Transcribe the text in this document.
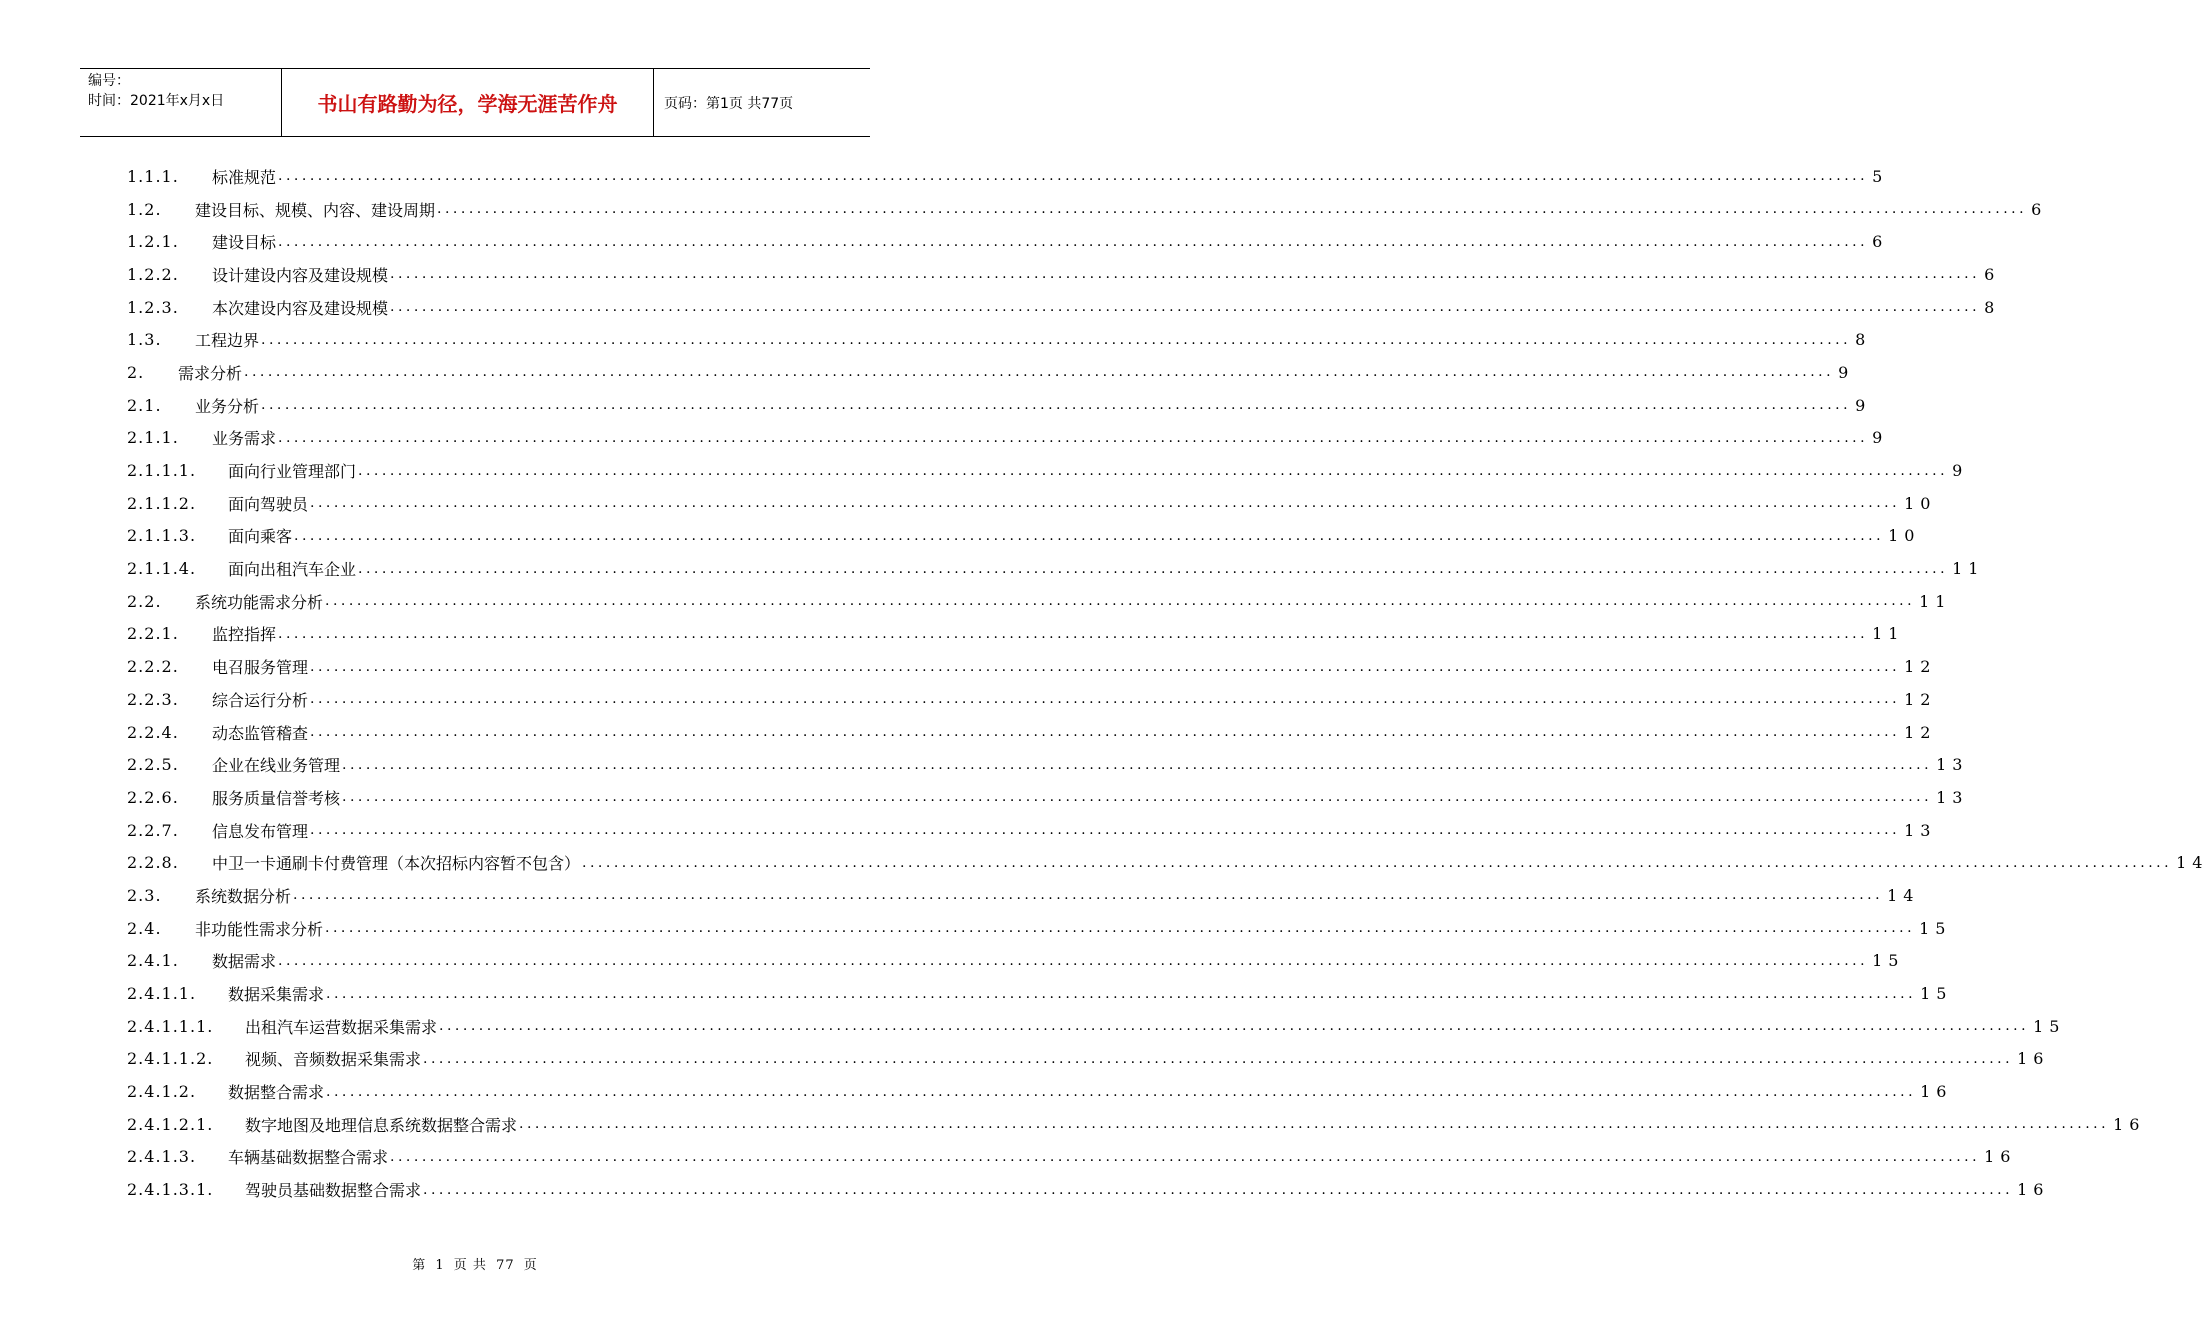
编号：
时间：2021年x月x日	书山有路勤为径，学海无涯苦作舟	页码：第1页 共77页
1.1.1.	标准规范 ........................................................................................................................................................................................................ 5
1.2.	建设目标、规模、内容、建设周期 ........................................................................................................................................................................................................ 6
1.2.1.	建设目标 ........................................................................................................................................................................................................ 6
1.2.2.	设计建设内容及建设规模 ........................................................................................................................................................................................................ 6
1.2.3.	本次建设内容及建设规模 ........................................................................................................................................................................................................ 8
1.3.	工程边界 ........................................................................................................................................................................................................ 8
2.	需求分析 ........................................................................................................................................................................................................ 9
2.1.	业务分析 ........................................................................................................................................................................................................ 9
2.1.1.	业务需求 ........................................................................................................................................................................................................ 9
2.1.1.1.	面向行业管理部门 ........................................................................................................................................................................................................ 9
2.1.1.2.	面向驾驶员 ........................................................................................................................................................................................................ 10
2.1.1.3.	面向乘客 ........................................................................................................................................................................................................ 10
2.1.1.4.	面向出租汽车企业 ........................................................................................................................................................................................................ 11
2.2.	系统功能需求分析 ........................................................................................................................................................................................................ 11
2.2.1.	监控指挥 ........................................................................................................................................................................................................ 11
2.2.2.	电召服务管理 ........................................................................................................................................................................................................ 12
2.2.3.	综合运行分析 ........................................................................................................................................................................................................ 12
2.2.4.	动态监管稽查 ........................................................................................................................................................................................................ 12
2.2.5.	企业在线业务管理 ........................................................................................................................................................................................................ 13
2.2.6.	服务质量信誉考核 ........................................................................................................................................................................................................ 13
2.2.7.	信息发布管理 ........................................................................................................................................................................................................ 13
2.2.8.	中卫一卡通刷卡付费管理（本次招标内容暂不包含） ........................................................................................................................................................................................................ 14
2.3.	系统数据分析 ........................................................................................................................................................................................................ 14
2.4.	非功能性需求分析 ........................................................................................................................................................................................................ 15
2.4.1.	数据需求 ........................................................................................................................................................................................................ 15
2.4.1.1.	数据采集需求 ........................................................................................................................................................................................................ 15
2.4.1.1.1.	出租汽车运营数据采集需求 ........................................................................................................................................................................................................ 15
2.4.1.1.2.	视频、音频数据采集需求 ........................................................................................................................................................................................................ 16
2.4.1.2.	数据整合需求 ........................................................................................................................................................................................................ 16
2.4.1.2.1.	数字地图及地理信息系统数据整合需求 ........................................................................................................................................................................................................ 16
2.4.1.3.	车辆基础数据整合需求 ........................................................................................................................................................................................................ 16
2.4.1.3.1.	驾驶员基础数据整合需求 ........................................................................................................................................................................................................ 16
第 1 页 共 77 页
